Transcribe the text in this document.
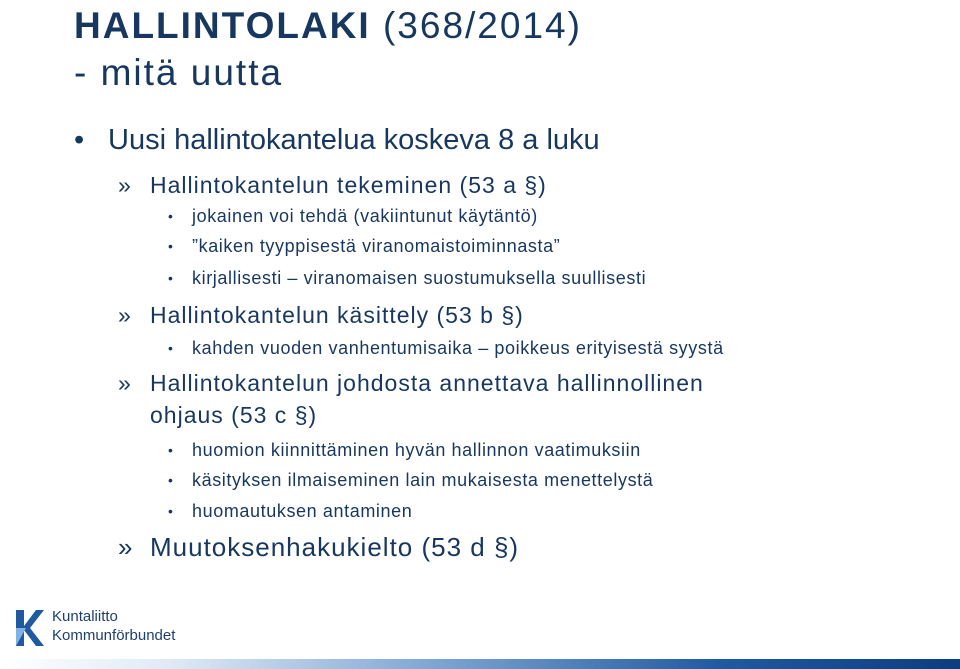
HALLINTOLAKI (368/2014)
- mitä uutta
• Uusi hallintokantelua koskeva 8 a luku
» Hallintokantelun tekeminen (53 a §)
• jokainen voi tehdä (vakiintunut käytäntö)
• ”kaiken tyyppisestä viranomaistoiminnasta”
• kirjallisesti – viranomaisen suostumuksella suullisesti
» Hallintokantelun käsittely (53 b §)
• kahden vuoden vanhentumisaika – poikkeus erityisestä syystä
» Hallintokantelun johdosta annettava hallinnollinen
ohjaus (53 c §)
• huomion kiinnittäminen hyvän hallinnon vaatimuksiin
• käsityksen ilmaiseminen lain mukaisesta menettelystä
• huomautuksen antaminen
» Muutoksenhakukielto (53 d §)
Kuntaliitto
Kommunförbundet
